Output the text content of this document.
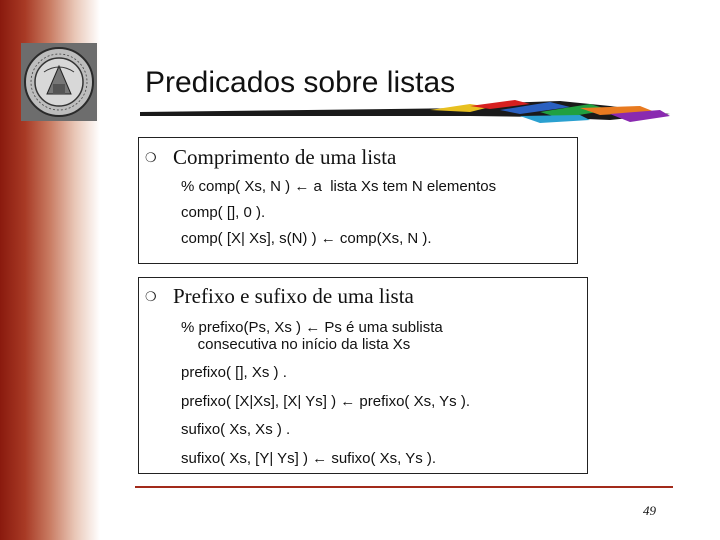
Predicados sobre listas
❍ Comprimento de uma lista
% comp( Xs, N ) ← a  lista Xs tem N elementos
comp( [], 0 ).
comp( [X| Xs], s(N) ) ← comp(Xs, N ).
❍ Prefixo e sufixo de uma lista
% prefixo(Ps, Xs ) ← Ps é uma sublista
consecutiva no início da lista Xs
prefixo( [], Xs ) .
prefixo( [X|Xs], [X| Ys] ) ← prefixo( Xs, Ys ).
sufixo( Xs, Xs ) .
sufixo( Xs, [Y| Ys] ) ← sufixo( Xs, Ys ).
49
